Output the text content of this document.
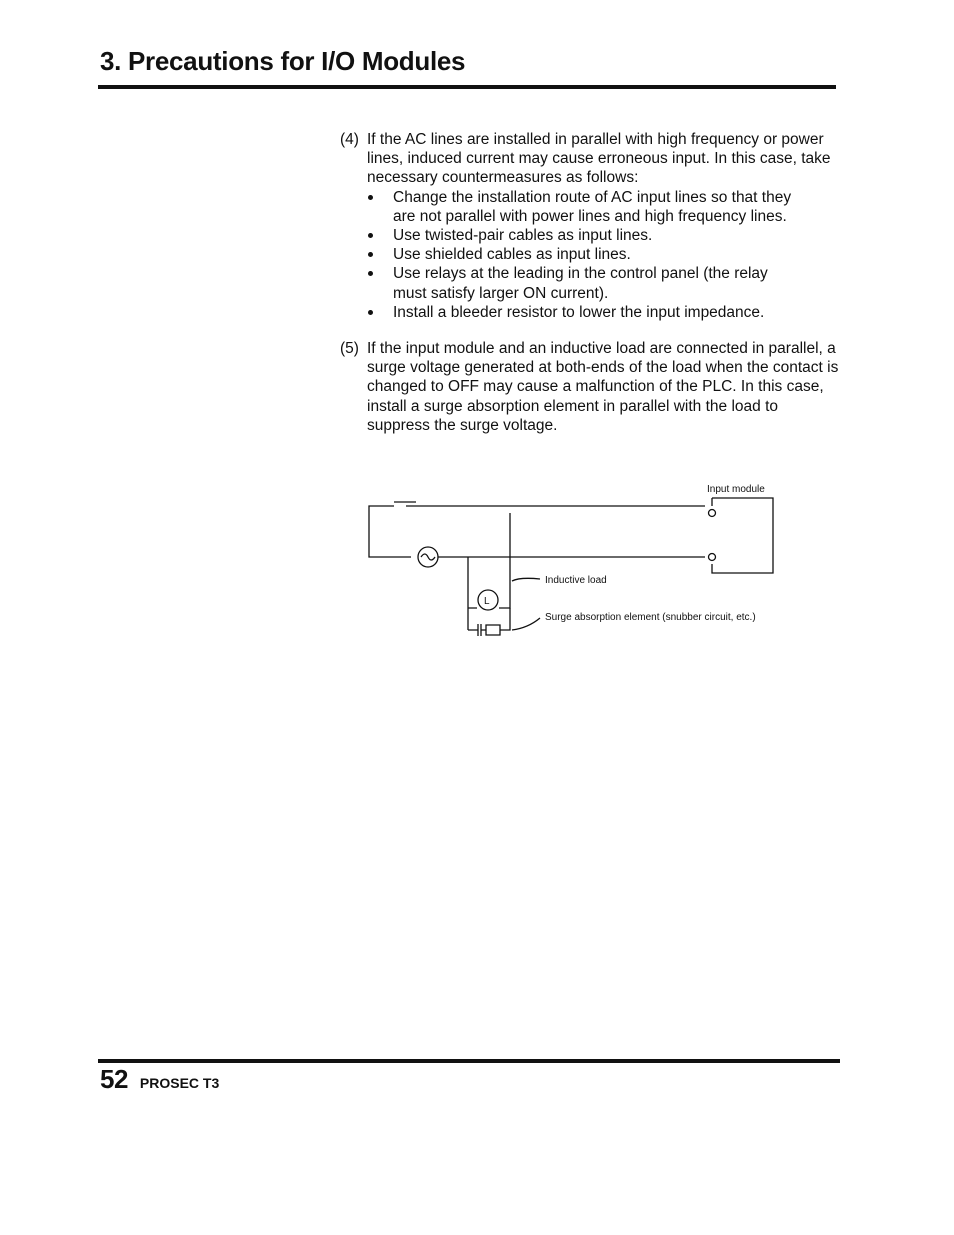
3. Precautions for I/O Modules
(4) If the AC lines are installed in parallel with high frequency or power lines, induced current may cause erroneous input. In this case, take necessary countermeasures as follows:

Change the installation route of AC input lines so that they are not parallel with power lines and high frequency lines.
Use twisted-pair cables as input lines.
Use shielded cables as input lines.
Use relays at the leading in the control panel (the relay must satisfy larger ON current).
Install a bleeder resistor to lower the input impedance.
(5) If the input module and an inductive load are connected in parallel, a surge voltage generated at both-ends of the load when the contact is changed to OFF may cause a malfunction of the PLC. In this case, install a surge absorption element in parallel with the load to suppress the surge voltage.

L
Input module
Inductive load
Surge absorption element (snubber circuit, etc.)
52 PROSEC T3
